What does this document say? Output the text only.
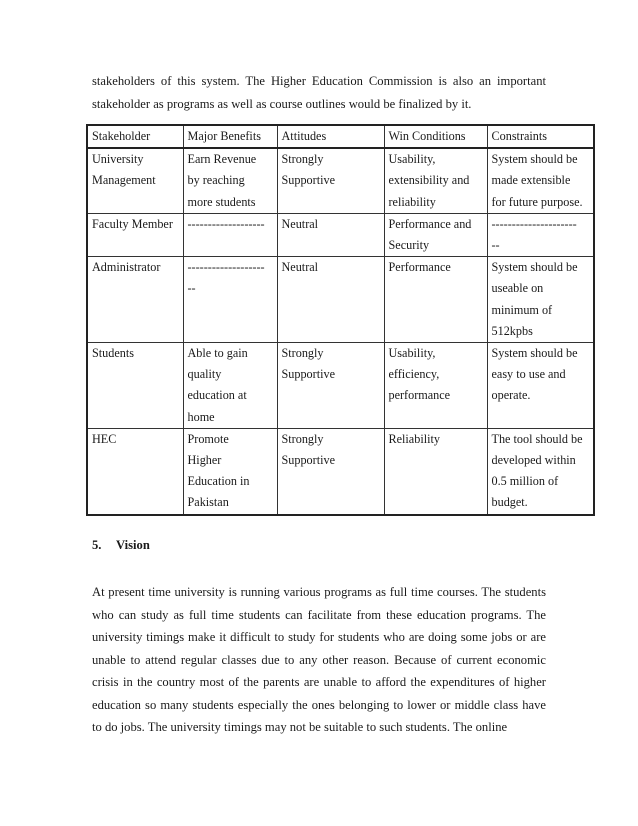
stakeholders of this system. The Higher Education Commission is also an important stakeholder as programs as well as course outlines would be finalized by it.

Stakeholder	Major Benefits	Attitudes	Win Conditions	Constraints

University
Management	Earn Revenue
by reaching
more students	Strongly
Supportive	Usability,
extensibility and
reliability	System should be
made extensible
for future purpose.

Faculty Member	-------------------	Neutral	Performance and
Security	---------------------
--

Administrator	-------------------
--	Neutral	Performance	System should be
useable on
minimum of
512kpbs

Students	Able to gain
quality
education at
home	Strongly
Supportive	Usability,
efficiency,
performance	System should be
easy to use and
operate.

HEC	Promote
Higher
Education in
Pakistan	Strongly
Supportive	Reliability	The tool should be
developed within
0.5 million of
budget.
5. Vision

At present time university is running various programs as full time courses. The students who can study as full time students can facilitate from these education programs. The university timings make it difficult to study for students who are doing some jobs or are unable to attend regular classes due to any other reason. Because of current economic crisis in the country most of the parents are unable to afford the expenditures of higher education so many students especially the ones belonging to lower or middle class have to do jobs. The university timings may not be suitable to such students. The online
